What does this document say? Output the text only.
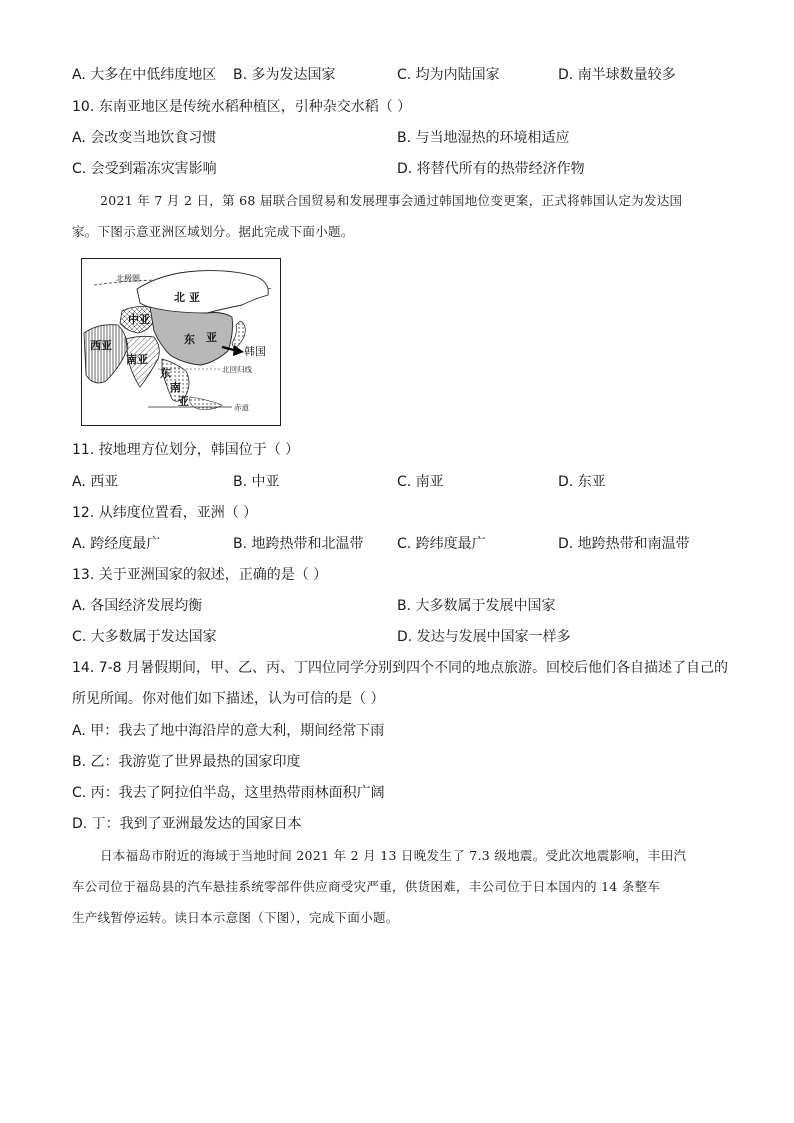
A. 大多在中低纬度地区 B. 多为发达国家	C. 均为内陆国家	D. 南半球数量较多
10. 东南亚地区是传统水稻种植区，引种杂交水稻（ ）
A. 会改变当地饮食习惯	B. 与当地湿热的环境相适应
C. 会受到霜冻灾害影响	D. 将替代所有的热带经济作物
2021 年 7 月 2 日，第 68 届联合国贸易和发展理事会通过韩国地位变更案，正式将韩国认定为发达国
家。下图示意亚洲区域划分。据此完成下面小题。
北极圈
北 亚
中亚
东 亚
西亚
南亚
东
南
亚
韩国
北回归线
赤道
11. 按地理方位划分，韩国位于（ ）
A. 西亚	B. 中亚	C. 南亚	D. 东亚
12. 从纬度位置看，亚洲（ ）
A. 跨经度最广	B. 地跨热带和北温带 C. 跨纬度最广	D. 地跨热带和南温带
13. 关于亚洲国家的叙述，正确的是（ ）
A. 各国经济发展均衡	B. 大多数属于发展中国家
C. 大多数属于发达国家	D. 发达与发展中国家一样多
14. 7-8 月暑假期间，甲、乙、丙、丁四位同学分别到四个不同的地点旅游。回校后他们各自描述了自己的
所见所闻。你对他们如下描述，认为可信的是（ ）
A. 甲：我去了地中海沿岸的意大利，期间经常下雨
B. 乙：我游览了世界最热的国家印度
C. 丙：我去了阿拉伯半岛，这里热带雨林面积广阔
D. 丁：我到了亚洲最发达的国家日本
日本福岛市附近的海域于当地时间 2021 年 2 月 13 日晚发生了 7.3 级地震。受此次地震影响，丰田汽
车公司位于福岛县的汽车悬挂系统零部件供应商受灾严重，供货困难，丰公司位于日本国内的 14 条整车
生产线暂停运转。读日本示意图（下图），完成下面小题。
